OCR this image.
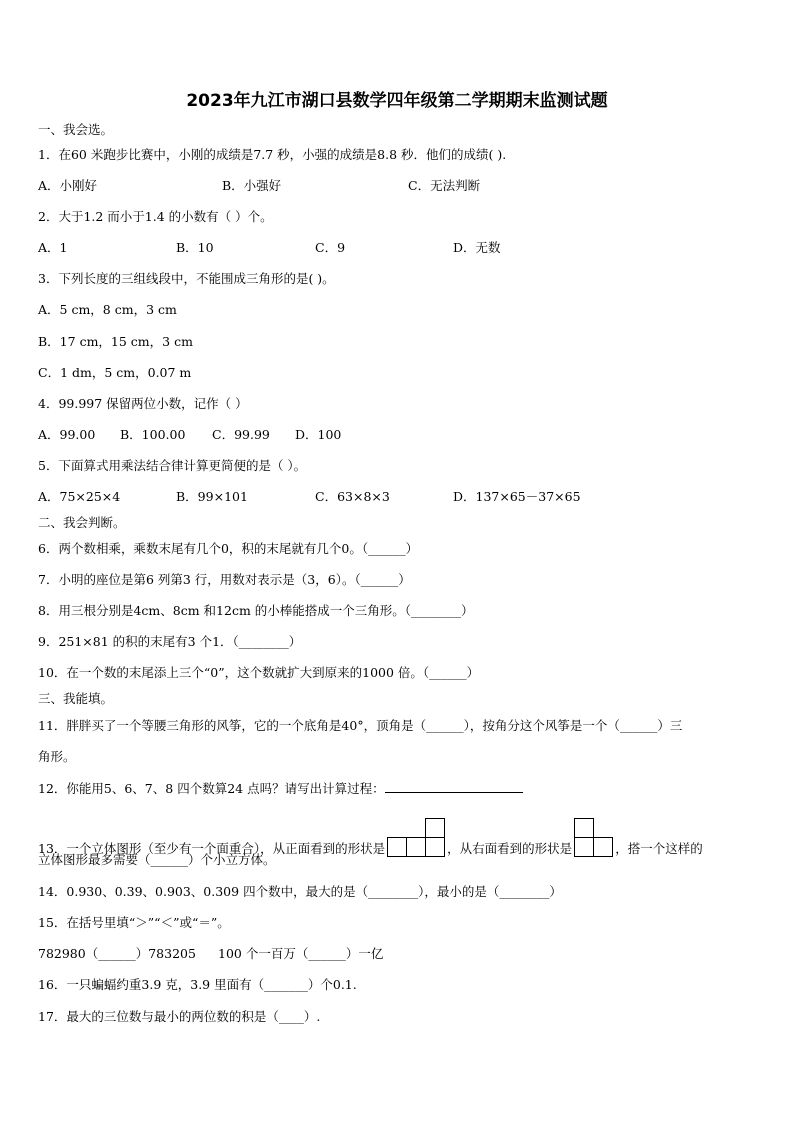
2023年九江市湖口县数学四年级第二学期期末监测试题
一、我会选。
1．在60 米跑步比赛中，小刚的成绩是7.7 秒，小强的成绩是8.8 秒．他们的成绩( ).
A．小刚好	B．小强好	C．无法判断
2．大于1.2 而小于1.4 的小数有（ ）个。
A．1	B．10	C．9	D．无数
3．下列长度的三组线段中，不能围成三角形的是( )。
A．5 cm，8 cm，3 cm
B．17 cm，15 cm，3 cm
C．1 dm，5 cm，0.07 m
4．99.997 保留两位小数，记作（ ）
A．99.00 B．100.00 C．99.99 D．100
5．下面算式用乘法结合律计算更简便的是（ ）。
A．75×25×4	B．99×101	C．63×8×3	D．137×65－37×65
二、我会判断。
6．两个数相乘，乘数末尾有几个0，积的末尾就有几个0。（______）
7．小明的座位是第6 列第3 行，用数对表示是（3，6）。（______）
8．用三根分别是4cm、8cm 和12cm 的小棒能搭成一个三角形。（________）
9．251×81 的积的末尾有3 个1．（________）
10．在一个数的末尾添上三个“0”，这个数就扩大到原来的1000 倍。（______）
三、我能填。
11．胖胖买了一个等腰三角形的风筝，它的一个底角是40°，顶角是（______），按角分这个风筝是一个（______）三
角形。
12．你能用5、6、7、8 四个数算24 点吗？请写出计算过程：
13．一个立体图形（至少有一个面重合），从正面看到的形状是	，从右面看到的形状是	，搭一个这样的
立体图形最多需要（______）个小立方体。
14．0.930、0.39、0.903、0.309 四个数中，最大的是（________），最小的是（________）
15．在括号里填“＞”“＜”或“＝”。
782980（______）783205 100 个一百万（______）一亿
16．一只蝙蝠约重3.9 克，3.9 里面有（_______）个0.1.
17．最大的三位数与最小的两位数的积是（____）.
